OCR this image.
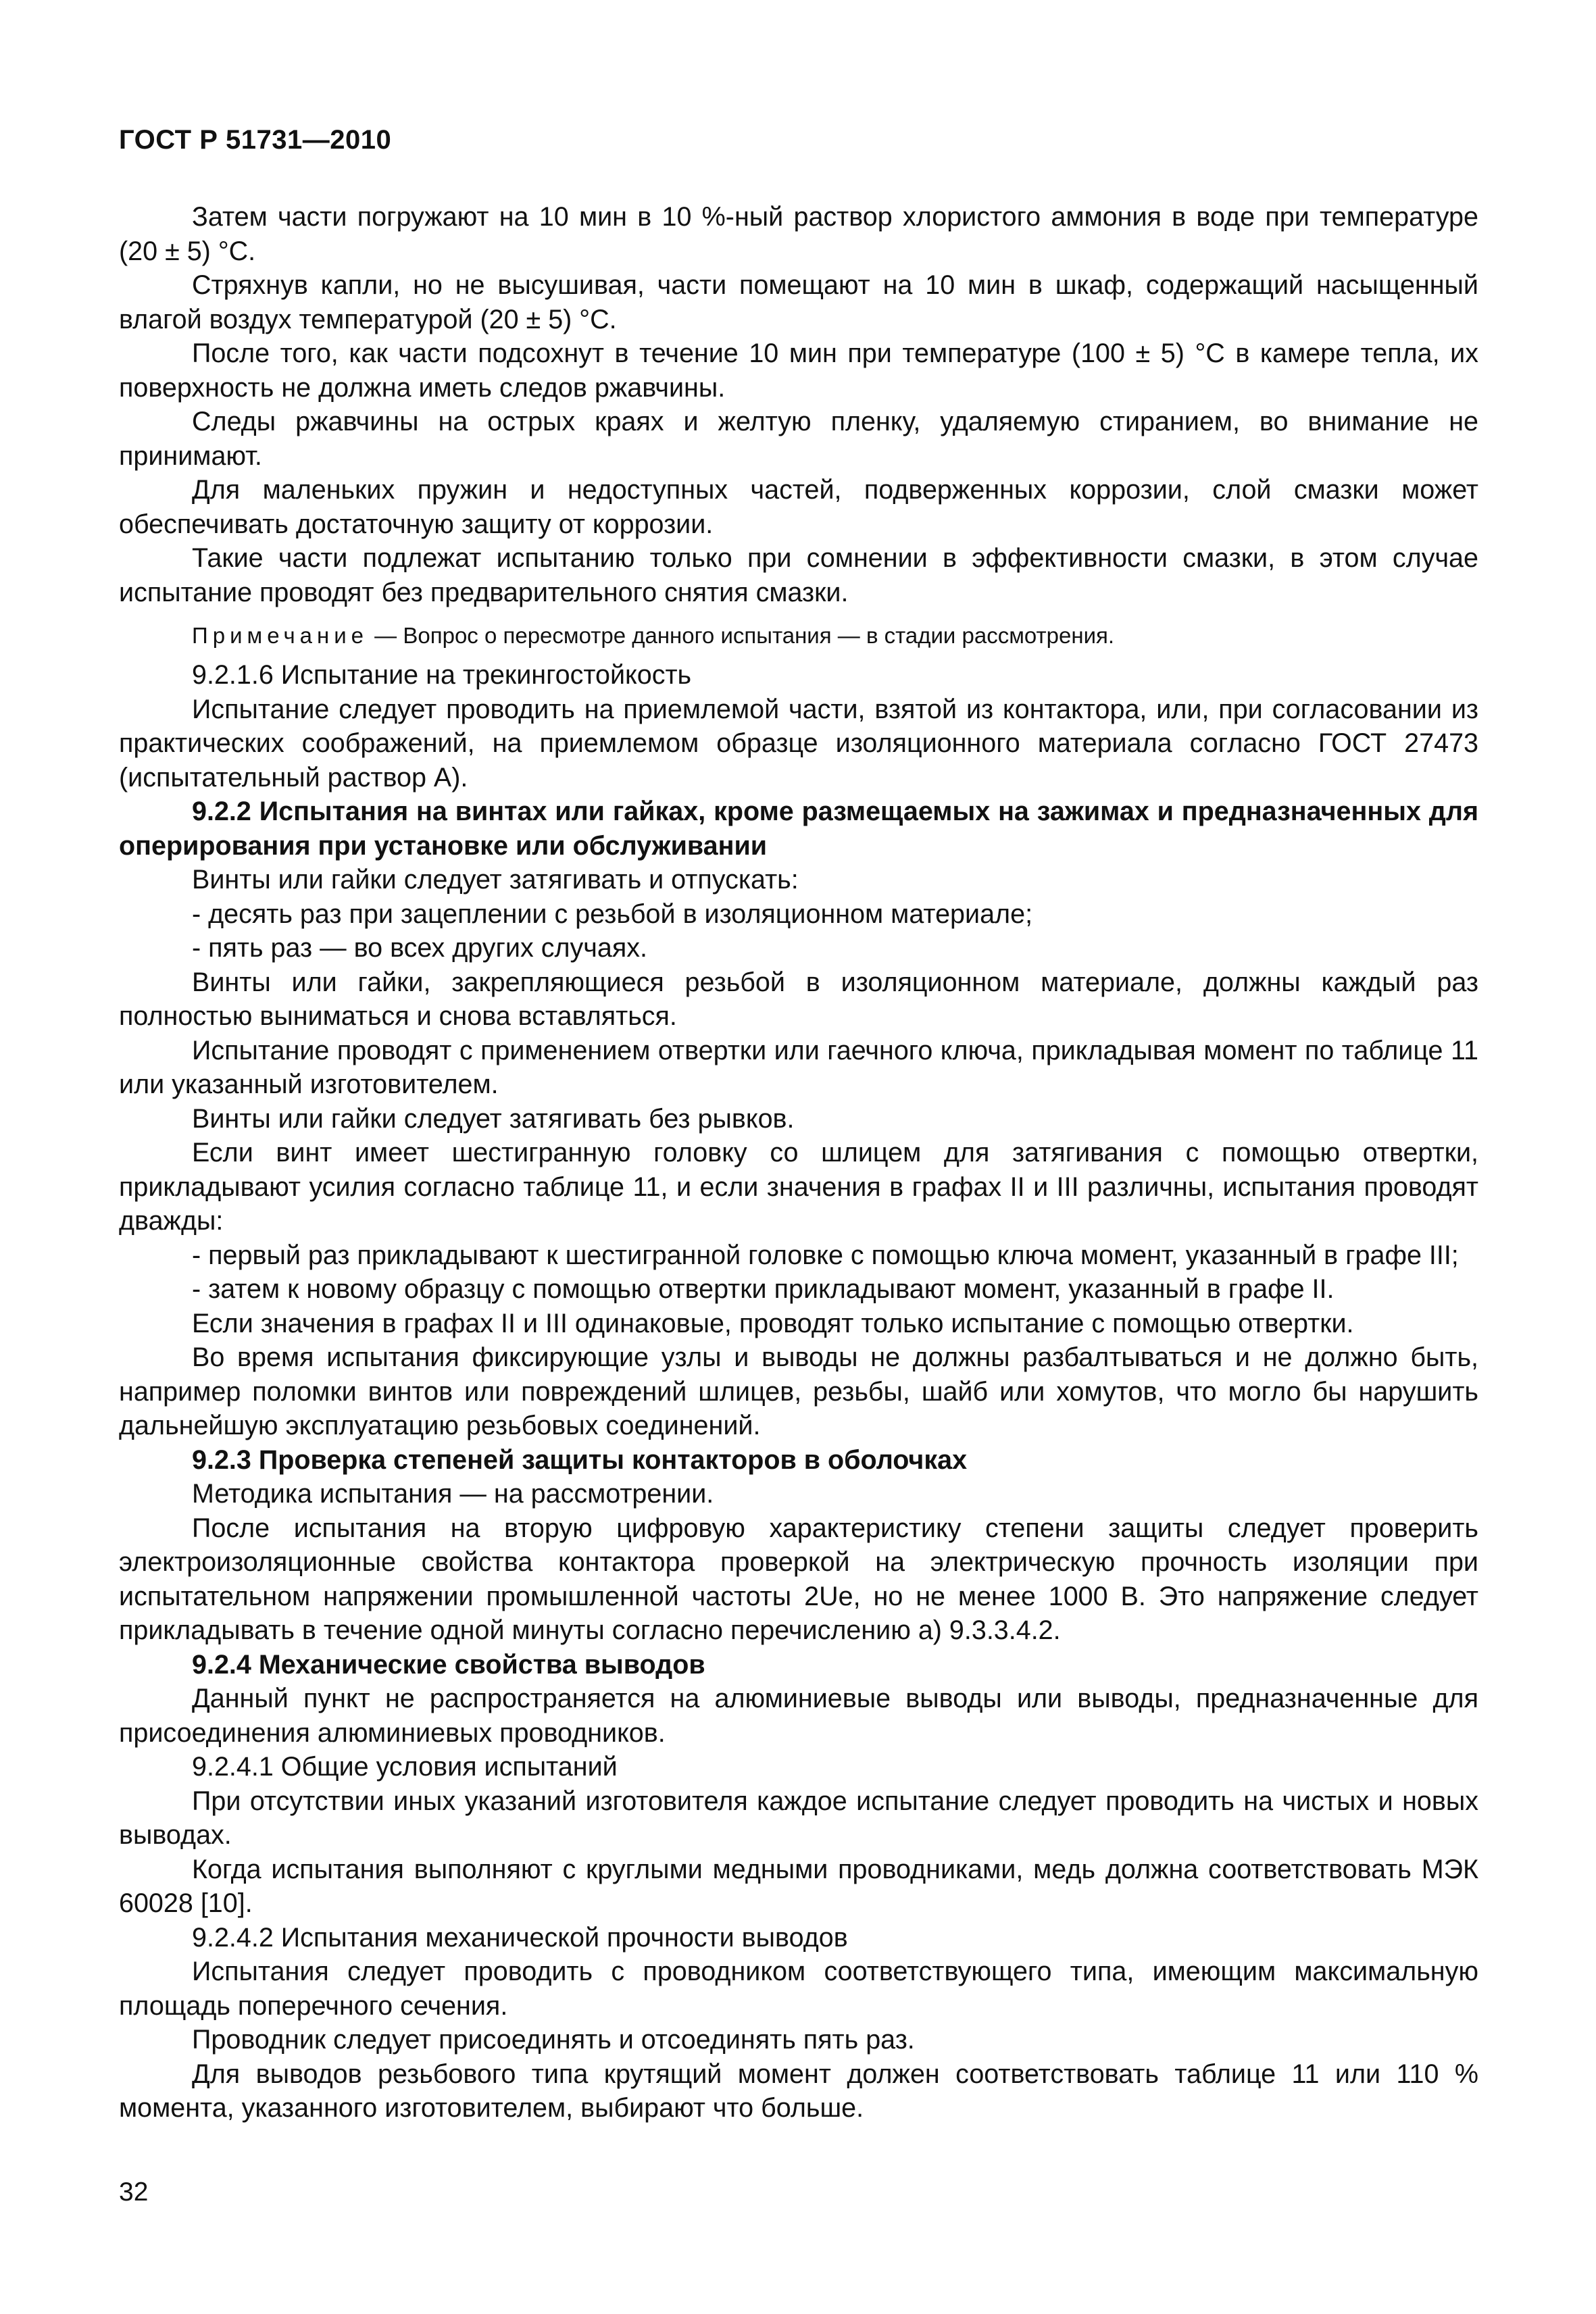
ГОСТ Р 51731—2010

Затем части погружают на 10 мин в 10 %-ный раствор хлористого аммония в воде при температуре (20 ± 5) °С.

Стряхнув капли, но не высушивая, части помещают на 10 мин в шкаф, содержащий насыщенный влагой воздух температурой (20 ± 5) °С.

После того, как части подсохнут в течение 10 мин при температуре (100 ± 5) °С в камере тепла, их поверхность не должна иметь следов ржавчины.

Следы ржавчины на острых краях и желтую пленку, удаляемую стиранием, во внимание не принимают.

Для маленьких пружин и недоступных частей, подверженных коррозии, слой смазки может обеспечивать достаточную защиту от коррозии.

Такие части подлежат испытанию только при сомнении в эффективности смазки, в этом случае испытание проводят без предварительного снятия смазки.

Примечание — Вопрос о пересмотре данного испытания — в стадии рассмотрения.

9.2.1.6 Испытание на трекингостойкость

Испытание следует проводить на приемлемой части, взятой из контактора, или, при согласовании из практических соображений, на приемлемом образце изоляционного материала согласно ГОСТ 27473 (испытательный раствор А).

9.2.2 Испытания на винтах или гайках, кроме размещаемых на зажимах и предназначенных для оперирования при установке или обслуживании

Винты или гайки следует затягивать и отпускать:

- десять раз при зацеплении с резьбой в изоляционном материале;

- пять раз — во всех других случаях.

Винты или гайки, закрепляющиеся резьбой в изоляционном материале, должны каждый раз полностью выниматься и снова вставляться.

Испытание проводят с применением отвертки или гаечного ключа, прикладывая момент по таблице 11 или указанный изготовителем.

Винты или гайки следует затягивать без рывков.

Если винт имеет шестигранную головку со шлицем для затягивания с помощью отвертки, прикладывают усилия согласно таблице 11, и если значения в графах II и III различны, испытания проводят дважды:

- первый раз прикладывают к шестигранной головке с помощью ключа момент, указанный в графе III;

- затем к новому образцу с помощью отвертки прикладывают момент, указанный в графе II.

Если значения в графах II и III одинаковые, проводят только испытание с помощью отвертки.

Во время испытания фиксирующие узлы и выводы не должны разбалтываться и не должно быть, например поломки винтов или повреждений шлицев, резьбы, шайб или хомутов, что могло бы нарушить дальнейшую эксплуатацию резьбовых соединений.

9.2.3 Проверка степеней защиты контакторов в оболочках

Методика испытания — на рассмотрении.

После испытания на вторую цифровую характеристику степени защиты следует проверить электроизоляционные свойства контактора проверкой на электрическую прочность изоляции при испытательном напряжении промышленной частоты 2Uе, но не менее 1000 В. Это напряжение следует прикладывать в течение одной минуты согласно перечислению а) 9.3.3.4.2.

9.2.4 Механические свойства выводов

Данный пункт не распространяется на алюминиевые выводы или выводы, предназначенные для присоединения алюминиевых проводников.

9.2.4.1 Общие условия испытаний

При отсутствии иных указаний изготовителя каждое испытание следует проводить на чистых и новых выводах.

Когда испытания выполняют с круглыми медными проводниками, медь должна соответствовать МЭК 60028 [10].

9.2.4.2 Испытания механической прочности выводов

Испытания следует проводить с проводником соответствующего типа, имеющим максимальную площадь поперечного сечения.

Проводник следует присоединять и отсоединять пять раз.

Для выводов резьбового типа крутящий момент должен соответствовать таблице 11 или 110 % момента, указанного изготовителем, выбирают что больше.

32
